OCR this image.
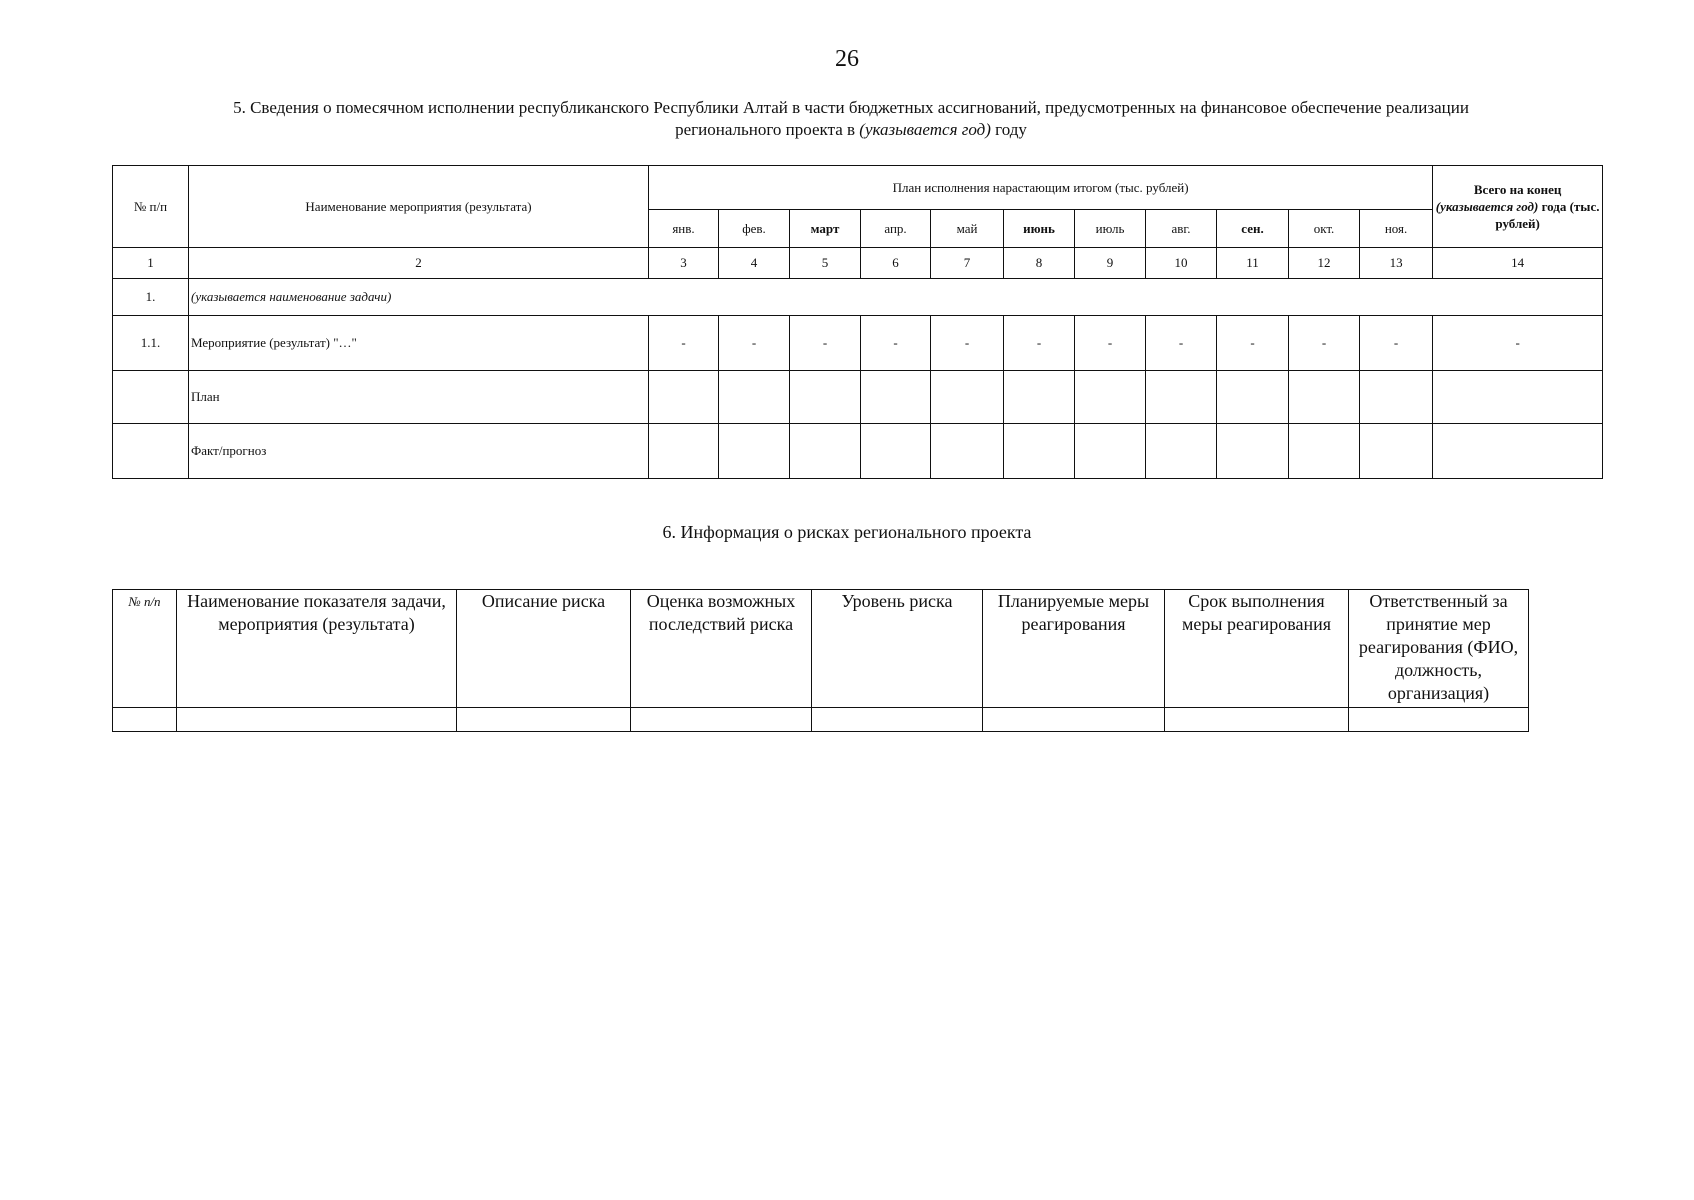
26
5. Сведения о помесячном исполнении республиканского Республики Алтай в части бюджетных ассигнований, предусмотренных на финансовое обеспечение реализации
регионального проекта в (указывается год) году
№ п/п	Наименование мероприятия (результата)	План исполнения нарастающим итогом (тыс. рублей)											Всего на конец
(указывается год) года (тыс. рублей)
		янв.	фев.	март	апр.	май	июнь	июль	авг.	сен.	окт.	ноя.	
1	2	3	4	5	6	7	8	9	10	11	12	13	14
1.	(указывается наименование задачи)												
1.1.	Мероприятие (результат) "…"	-	-	-	-	-	-	-	-	-	-	-	-
	План												
	Факт/прогноз												
6. Информация о рисках регионального проекта
№ п/п	Наименование показателя задачи, мероприятия (результата)	Описание риска	Оценка возможных последствий риска	Уровень риска	Планируемые меры реагирования	Срок выполнения меры реагирования	Ответственный за принятие мер реагирования (ФИО, должность, организация)
